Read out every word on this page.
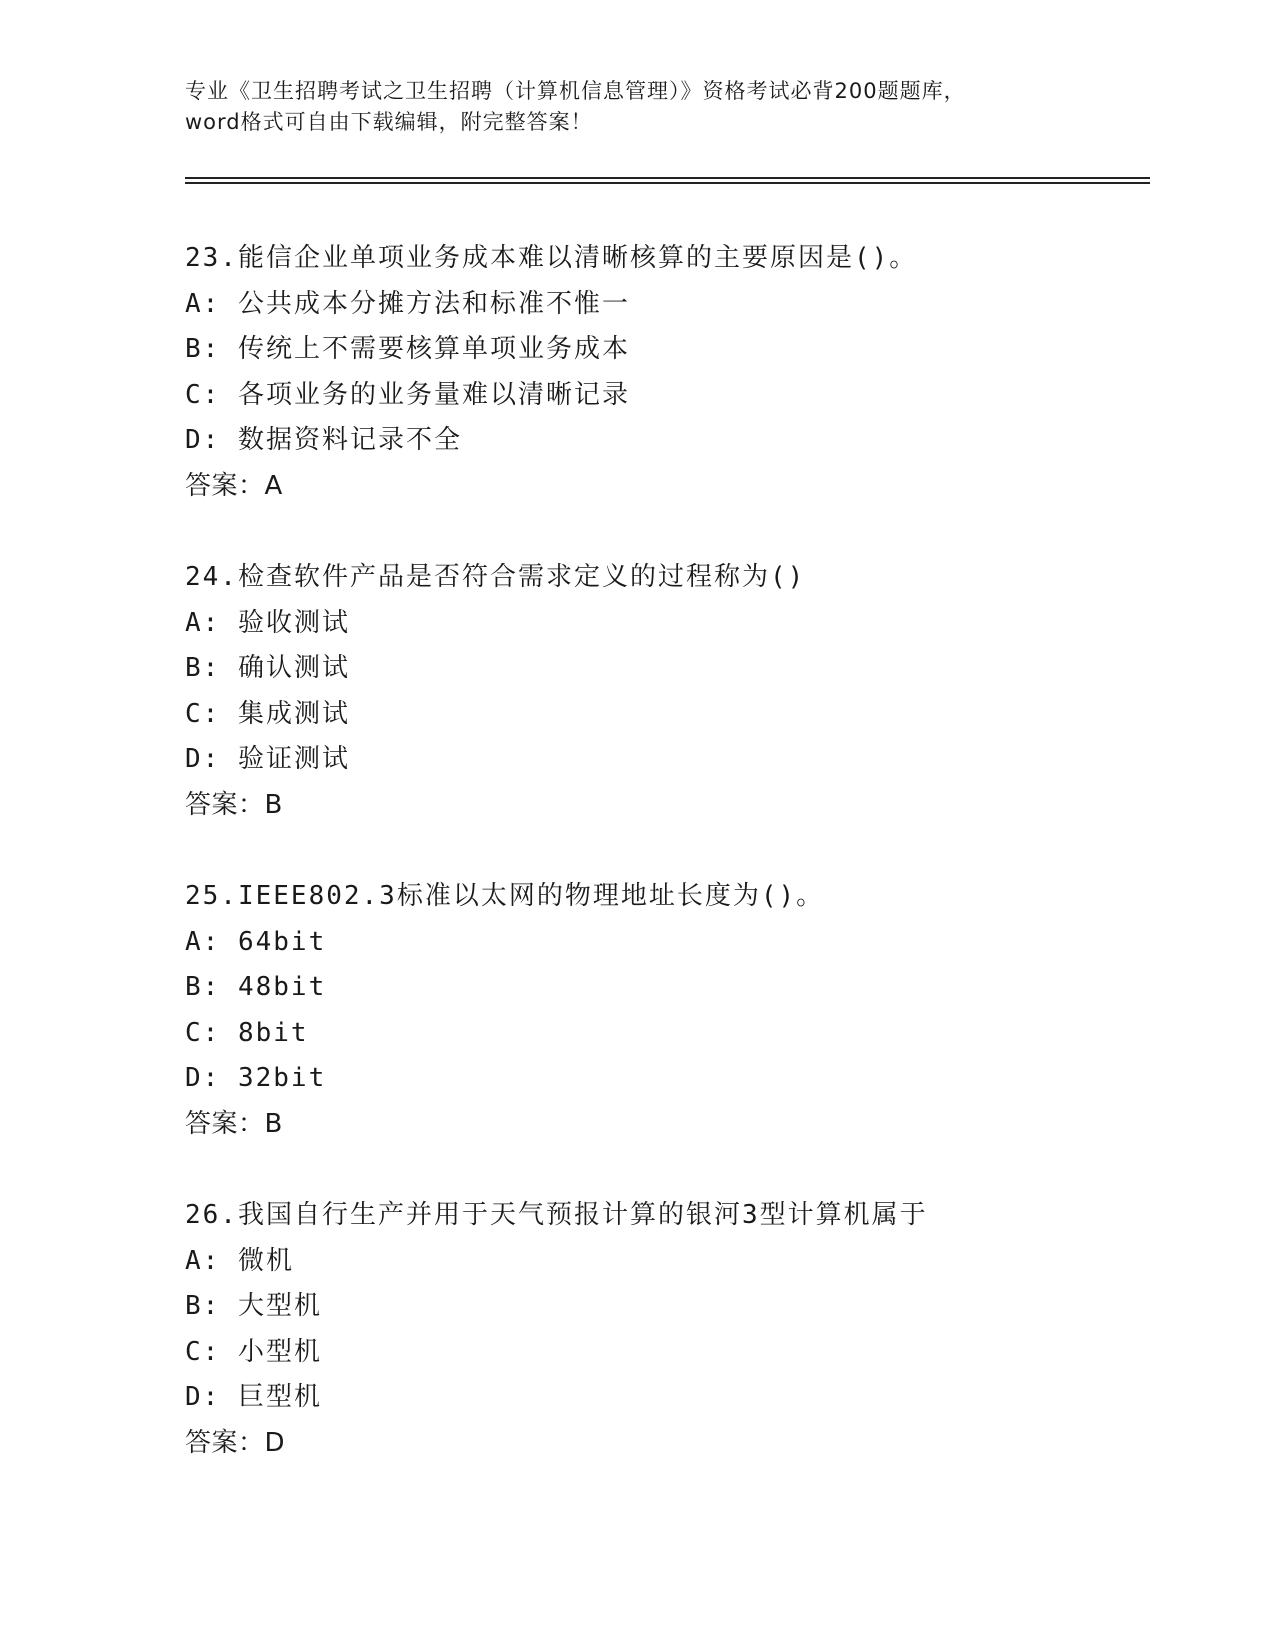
专业《卫生招聘考试之卫生招聘（计算机信息管理）》资格考试必背200题题库，
word格式可自由下载编辑，附完整答案！
23.能信企业单项业务成本难以清晰核算的主要原因是()。
A: 公共成本分摊方法和标准不惟一
B: 传统上不需要核算单项业务成本
C: 各项业务的业务量难以清晰记录
D: 数据资料记录不全
答案：A
24.检查软件产品是否符合需求定义的过程称为()
A: 验收测试
B: 确认测试
C: 集成测试
D: 验证测试
答案：B
25.IEEE802.3标准以太网的物理地址长度为()。
A: 64bit
B: 48bit
C: 8bit
D: 32bit
答案：B
26.我国自行生产并用于天气预报计算的银河3型计算机属于
A: 微机
B: 大型机
C: 小型机
D: 巨型机
答案：D
